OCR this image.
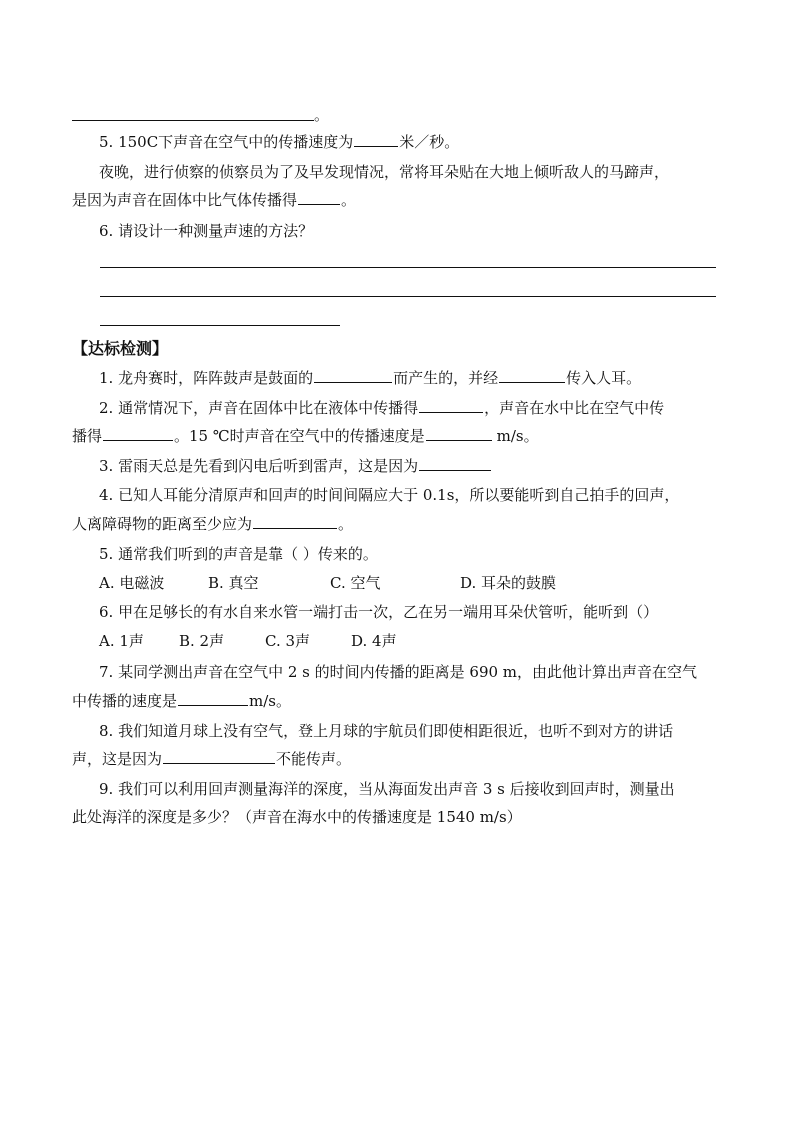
。
5. 150C下声音在空气中的传播速度为	米／秒。
夜晚，进行侦察的侦察员为了及早发现情况，常将耳朵贴在大地上倾听敌人的马蹄声，
是因为声音在固体中比气体传播得	。
6. 请设计一种测量声速的方法？
【达标检测】
1. 龙舟赛时，阵阵鼓声是鼓面的	而产生的，并经	传入人耳。
2. 通常情况下，声音在固体中比在液体中传播得	，声音在水中比在空气中传
播得	。15 ℃时声音在空气中的传播速度是	m/s。
3. 雷雨天总是先看到闪电后听到雷声，这是因为
4. 已知人耳能分清原声和回声的时间间隔应大于 0.1s，所以要能听到自己拍手的回声，
人离障碍物的距离至少应为	。
5. 通常我们听到的声音是靠（ ）传来的。
A. 电磁波	B. 真空	C. 空气	D. 耳朵的鼓膜
6. 甲在足够长的有水自来水管一端打击一次，乙在另一端用耳朵伏管听，能听到（）
A. 1声 B. 2声	C. 3声	D. 4声
7. 某同学测出声音在空气中 2 s 的时间内传播的距离是 690 m，由此他计算出声音在空气
中传播的速度是	m/s。
8. 我们知道月球上没有空气，登上月球的宇航员们即使相距很近，也听不到对方的讲话
声，这是因为	不能传声。
9. 我们可以利用回声测量海洋的深度，当从海面发出声音 3 s 后接收到回声时，测量出
此处海洋的深度是多少？（声音在海水中的传播速度是 1540 m/s）
